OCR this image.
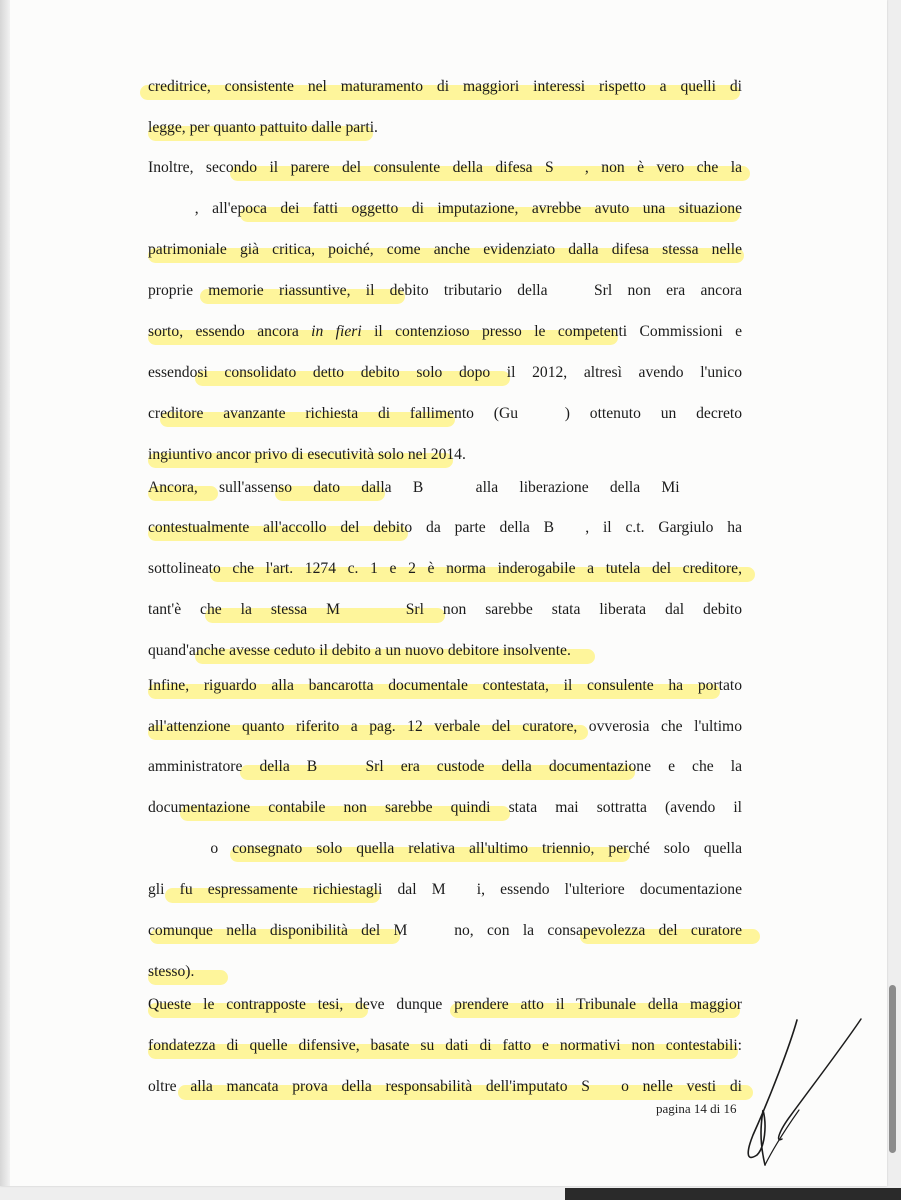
creditrice, consistente nel maturamento di maggiori interessi rispetto a quelli di
legge, per quanto pattuito dalle parti.
Inoltre, secondo il parere del consulente della difesa S  , non è vero che la
   , all'epoca dei fatti oggetto di imputazione, avrebbe avuto una situazione
patrimoniale già critica, poiché, come anche evidenziato dalla difesa stessa nelle
proprie memorie riassuntive, il debito tributario della   Srl non era ancora
sorto, essendo ancora in fieri il contenzioso presso le competenti Commissioni e
essendosi consolidato detto debito solo dopo il 2012, altresì avendo l'unico
creditore avanzante richiesta di fallimento (Gu   ) ottenuto un decreto
ingiuntivo ancor privo di esecutività solo nel 2014.
Ancora, sull'assenso dato dalla B   alla liberazione della Mi    
contestualmente all'accollo del debito da parte della B  , il c.t. Gargiulo ha
sottolineato che l'art. 1274 c. 1 e 2 è norma inderogabile a tutela del creditore,
tant'è che la stessa M    Srl non sarebbe stata liberata dal debito
quand'anche avesse ceduto il debito a un nuovo debitore insolvente.
Infine, riguardo alla bancarotta documentale contestata, il consulente ha portato
all'attenzione quanto riferito a pag. 12 verbale del curatore, ovverosia che l'ultimo
amministratore della B   Srl era custode della documentazione e che la
documentazione contabile non sarebbe quindi stata mai sottratta (avendo il
    o consegnato solo quella relativa all'ultimo triennio, perché solo quella
gli fu espressamente richiestagli dal M  i, essendo l'ulteriore documentazione
comunque nella disponibilità del M   no, con la consapevolezza del curatore
stesso).
Queste le contrapposte tesi, deve dunque prendere atto il Tribunale della maggior
fondatezza di quelle difensive, basate su dati di fatto e normativi non contestabili:
oltre alla mancata prova della responsabilità dell'imputato S  o nelle vesti di
pagina 14 di 16
